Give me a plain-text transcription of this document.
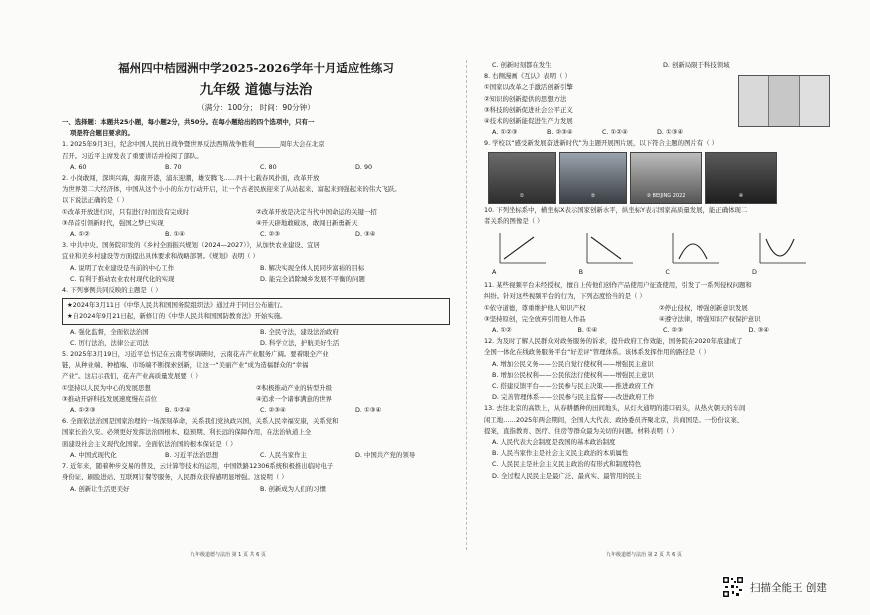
福州四中桔园洲中学2025-2026学年十月适应性练习
九年级 道德与法治
（满分：100分； 时间：90分钟）
一、选择题：本题共25小题，每小题2分，共50分。在每小题给出的四个选项中，只有一
项是符合题目要求的。
1. 2025年9月3日，纪念中国人民抗日战争暨世界反法西斯战争胜利________周年大会在北京
召开。习近平主席发表了重要讲话并检阅了部队。
A. 60	B. 70	C. 80	D. 90
2. 小岗敢闯，深圳兴海，海南开港，浦东迎潮，雄安腾飞……四十七载春风扑面，改革开放
为世界第二大经济体，中国从这个小小的东方行动开启，让一个古老民族迎来了从站起来、富起来到强起来的伟大飞跃。
以下说法正确的是（ ）
①改革开放进行时，只有进行时而没有完成时	②改革开放是决定当代中国命运的关键一招
③昂首引领新时代，强国之梦已实现	④开天辟地敢破冰，敢闯日新勇新天
A. ①②	B. ①④	C. ②③	D. ③④
3. 中共中央、国务院印发的《乡村全面振兴规划（2024—2027）》，从加快农业建设、宜居
宜业和美乡村建设等方面提出具体要求和战略部署。《规划》表明（ ）
A. 说明了农业建设是当前的中心工作	B. 解决实现全体人民同步富裕的目标
C. 有利于推动农业农村现代化的实现	D. 能完全消除城乡发展不平衡的问题
4. 下列事例共同反映的主题是（ ）
★2024年3月11日《中华人民共和国国务院组织法》通过并于同日公布施行。
★自2024年9月21日起，新修订的《中华人民共和国国防教育法》开始实施。
A. 强化监督，全面依法治国	B. 全民守法，建设法治政府
C. 厉行法治，法律公正司法	D. 科学立法，护航美好生活
5. 2025年3月19日，习近平总书记在云南考察调研时，云南花卉产业服务广阔。要着眼全产业
链，从种业端、种植端、市场端不断探索创新，让这一“美丽产业”成为造福群众的“幸福
产业”。这启示我们，花卉产业高质量发展要（ ）
①坚持以人民为中心的发展思想	②积极推动产业的转型升级
③推动开辟科技发展速度慢在首位	④追求一个诸事满意的世界
A. ①②③	B. ①②④	C. ②③④	D. ①③④
6. 全面依法治国是国家治理的一场深刻革命，关系我们党执政兴国，关系人民幸福安康，关系党和
国家长治久安。必须更好发挥法治固根本、稳预期、利长远的保障作用，在法治轨道上全
面建设社会主义现代化国家。全面依法治国的根本保证是（ ）
A. 中国式现代化	B. 习近平法治思想	C. 人民当家作主	D. 中国共产党的领导
7. 近年来，随着种步交易的普及，云计算等技术的运用，中国铁路12306系统积极推出临时电子
身份证、刷脸进站、互联网订餐等服务，人民群众获得感明显增强。这说明（ ）
A. 创新让生活更美好	B. 创新成为人们的习惯
九年级道德与法治 第 1 页 共 6 页
C. 创新时刻都在发生	D. 创新局限于科技领域
8. 右侧漫画《互认》表明（ ）
①国家以改革之手激活创新引擎
②知识的创新提供的思想方法
③科技的创新促进社会公平正义
④技术的创新能促进生产力发展
A. ①②③	B. ②③④	C. ①②④	D. ①③④
9. 学校以“感受新发展奋进新时代”为主题开展图片展，以下符合主题的图片有（ ）
①	②	③ BEIJING 2022	④
10. 下列坐标系中，横坐标X表示国家创新水平，纵坐标Y表示国家高质量发展，能正确体现二
者关系的图像是（ ）
A	B	C	D
11. 某些视频平台未经授权，擅自上传他们创作产品使用户征查使用，引发了一系列侵权问题和
纠纷。针对这些视频平台的行为，下列态度恰当的是（ ）
①依守道德，尊重维护他人知识产权	②停止侵权，增强创新意识发展
③坚持原创，完全放弃引用他人作品	④遵守法律，增强知识产权保护意识
A. ①②	B. ①④	C. ②③	D. ③④
12. 为及时了解人民群众对政务服务的诉求，提升政府工作效能，国务院在2020年底建成了
全国一体化在线政务服务平台“好差评”管理体系。该体系发挥作用的路径是（ ）
A. 增加公民义务——公民自觉行使权利——增强民主意识
B. 增加公民权利——公民依法行使权利——增强民主意识
C. 搭建反馈平台——公民参与民主决策——推进政府工作
D. 完善管理体系——公民参与民主监督——改进政府工作
13. 去往北京的高铁上，从春耕播种的田间地头，从灯火通明的港口码头，从热火朝天的车间
闲工地……2025年两会期间，全国人大代表、政协委员齐聚北京，共商国是。一份份议案、
提案，直指教育、医疗、住房等群众最为关切的问题。材料表明（ ）
A. 人民代表大会制度是我国的基本政治制度
B. 人民当家作主是社会主义民主政治的本质属性
C. 人民民主是社会主义民主政治的有形式和制度特色
D. 全过程人民民主是最广泛、最真实、最管用的民主
九年级道德与法治 第 2 页 共 6 页
扫描全能王 创建
